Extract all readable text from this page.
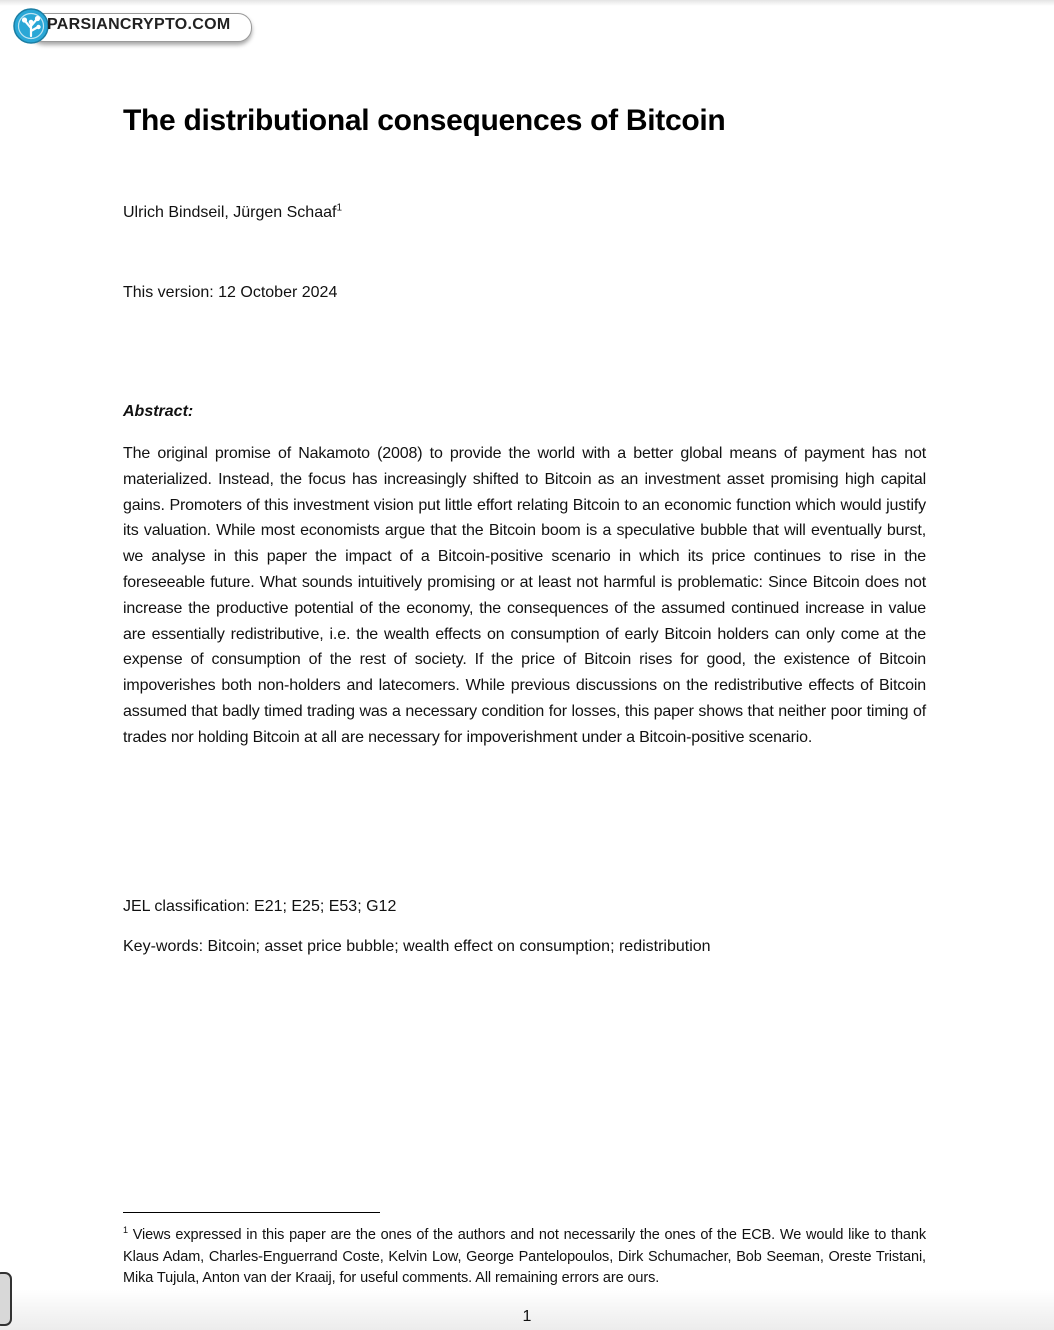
PARSIANCRYPTO.COM
The distributional consequences of Bitcoin
Ulrich Bindseil, Jürgen Schaaf$^1$
This version: 12 October 2024
Abstract:
The original promise of Nakamoto (2008) to provide the world with a better global means of payment has not materialized. Instead, the focus has increasingly shifted to Bitcoin as an investment asset promising high capital gains. Promoters of this investment vision put little effort relating Bitcoin to an economic function which would justify its valuation. While most economists argue that the Bitcoin boom is a speculative bubble that will eventually burst, we analyse in this paper the impact of a Bitcoin-positive scenario in which its price continues to rise in the foreseeable future. What sounds intuitively promising or at least not harmful is problematic: Since Bitcoin does not increase the productive potential of the economy, the consequences of the assumed continued increase in value are essentially redistributive, i.e. the wealth effects on consumption of early Bitcoin holders can only come at the expense of consumption of the rest of society. If the price of Bitcoin rises for good, the existence of Bitcoin impoverishes both non-holders and latecomers. While previous discussions on the redistributive effects of Bitcoin assumed that badly timed trading was a necessary condition for losses, this paper shows that neither poor timing of trades nor holding Bitcoin at all are necessary for impoverishment under a Bitcoin-positive scenario.
JEL classification: E21; E25; E53; G12
Key-words: Bitcoin; asset price bubble; wealth effect on consumption; redistribution
$^1$ Views expressed in this paper are the ones of the authors and not necessarily the ones of the ECB. We would like to thank Klaus Adam, Charles-Enguerrand Coste, Kelvin Low, George Pantelopoulos, Dirk Schumacher, Bob Seeman, Oreste Tristani, Mika Tujula, Anton van der Kraaij, for useful comments. All remaining errors are ours.
1
